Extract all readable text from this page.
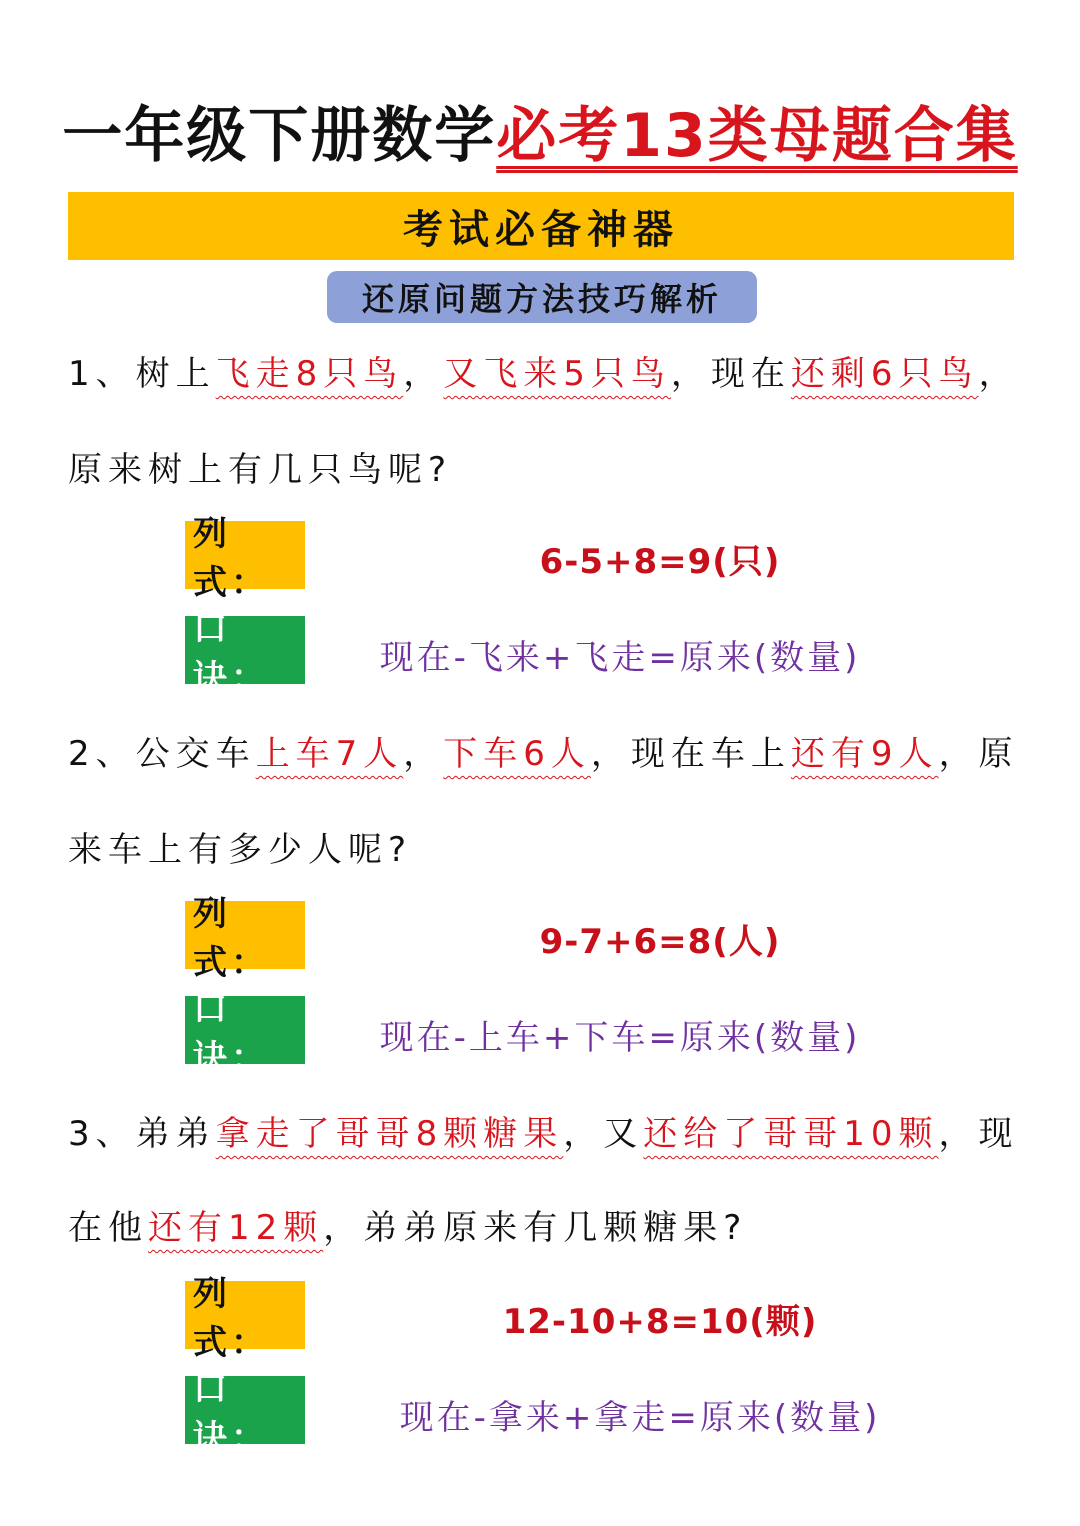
一年级下册数学必考13类母题合集
考试必备神器
还原问题方法技巧解析
1、树上飞走8只鸟，又飞来5只鸟，现在还剩6只鸟，
原来树上有几只鸟呢?
列式：
6-5+8=9(只)
口诀：	现在-飞来+飞走=原来(数量)
2、公交车上车7人，下车6人，现在车上还有9人，原
来车上有多少人呢?
列式：
9-7+6=8(人)
口诀：	现在-上车+下车=原来(数量)
3、弟弟拿走了哥哥8颗糖果，又还给了哥哥10颗，现
在他还有12颗，弟弟原来有几颗糖果?
列式：
12-10+8=10(颗)
口诀：	现在-拿来+拿走=原来(数量)
